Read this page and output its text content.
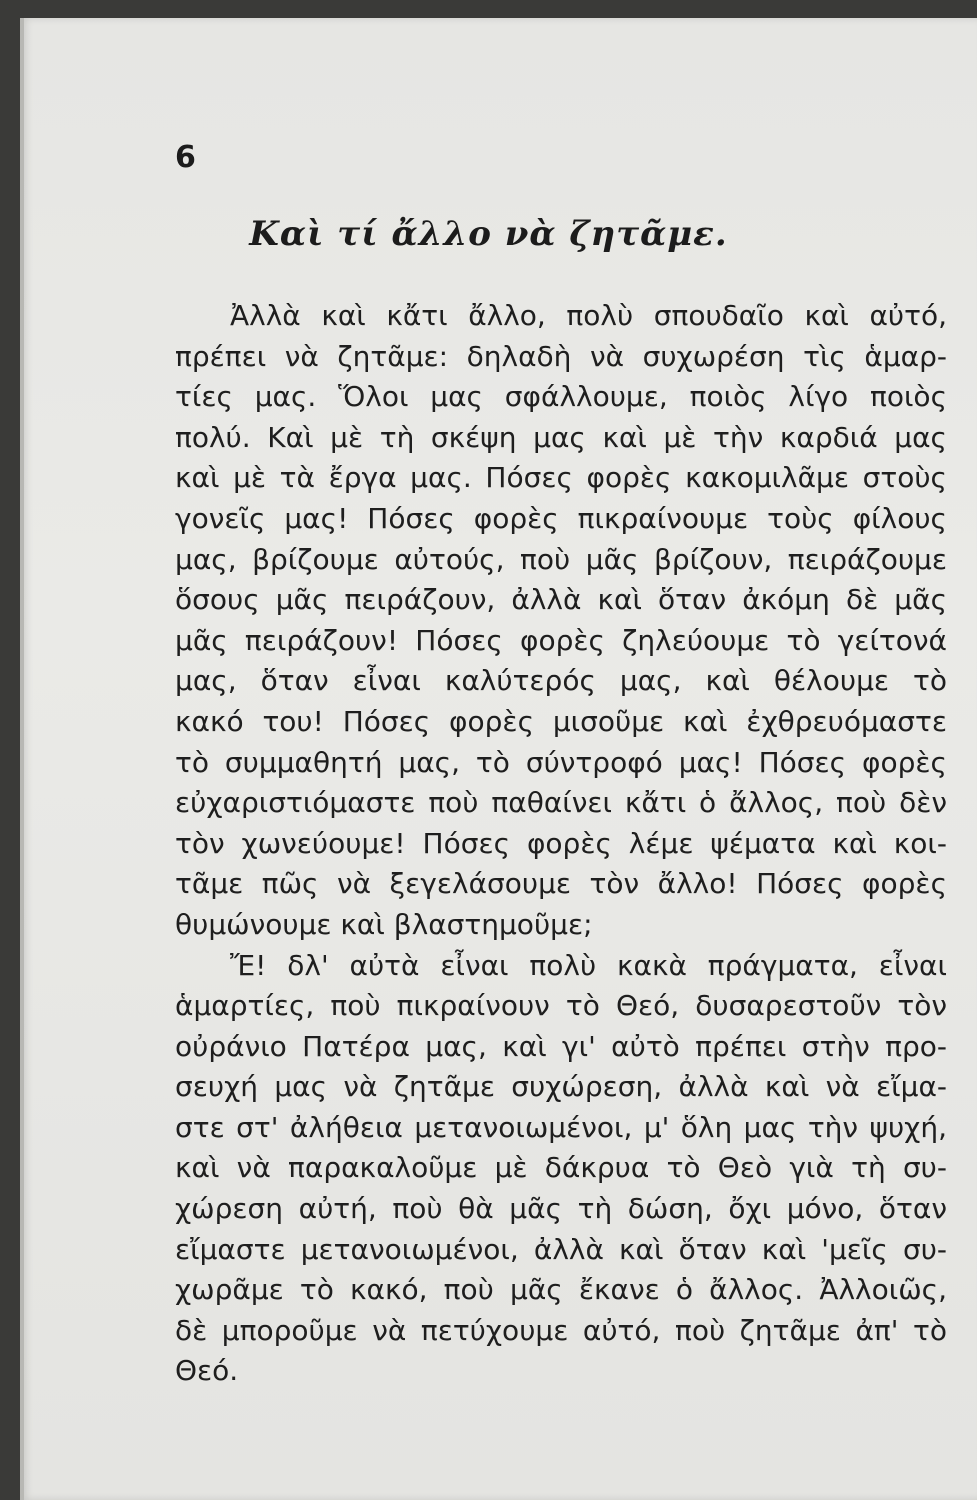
6
Καὶ τί ἄλλο νὰ ζητᾶμε.
Ἀλλὰ καὶ κἄτι ἄλλο, πολὺ σπουδαῖο καὶ αὐτό,
πρέπει νὰ ζητᾶμε: δηλαδὴ νὰ συχωρέση τὶς ἁμαρ-
τίες μας. Ὅλοι μας σφάλλουμε, ποιὸς λίγο ποιὸς
πολύ. Καὶ μὲ τὴ σκέψη μας καὶ μὲ τὴν καρδιά μας
καὶ μὲ τὰ ἔργα μας. Πόσες φορὲς κακομιλᾶμε στοὺς
γονεῖς μας! Πόσες φορὲς πικραίνουμε τοὺς φίλους
μας, βρίζουμε αὐτούς, ποὺ μᾶς βρίζουν, πειράζουμε
ὅσους μᾶς πειράζουν, ἀλλὰ καὶ ὅταν ἀκόμη δὲ μᾶς
μᾶς πειράζουν! Πόσες φορὲς ζηλεύουμε τὸ γείτονά
μας, ὅταν εἶναι καλύτερός μας, καὶ θέλουμε τὸ
κακό του! Πόσες φορὲς μισοῦμε καὶ ἐχθρευόμαστε
τὸ συμμαθητή μας, τὸ σύντροφό μας! Πόσες φορὲς
εὐχαριστιόμαστε ποὺ παθαίνει κἄτι ὁ ἄλλος, ποὺ δὲν
τὸν χωνεύουμε! Πόσες φορὲς λέμε ψέματα καὶ κοι-
τᾶμε πῶς νὰ ξεγελάσουμε τὸν ἄλλο! Πόσες φορὲς
θυμώνουμε καὶ βλαστημοῦμε;
Ἔ! δλ' αὐτὰ εἶναι πολὺ κακὰ πράγματα, εἶναι
ἁμαρτίες, ποὺ πικραίνουν τὸ Θεό, δυσαρεστοῦν τὸν
οὐράνιο Πατέρα μας, καὶ γι' αὐτὸ πρέπει στὴν προ-
σευχή μας νὰ ζητᾶμε συχώρεση, ἀλλὰ καὶ νὰ εἴμα-
στε στ' ἀλήθεια μετανοιωμένοι, μ' ὅλη μας τὴν ψυχή,
καὶ νὰ παρακαλοῦμε μὲ δάκρυα τὸ Θεὸ γιὰ τὴ συ-
χώρεση αὐτή, ποὺ θὰ μᾶς τὴ δώση, ὄχι μόνο, ὅταν
εἴμαστε μετανοιωμένοι, ἀλλὰ καὶ ὅταν καὶ 'μεῖς συ-
χωρᾶμε τὸ κακό, ποὺ μᾶς ἔκανε ὁ ἄλλος. Ἀλλοιῶς,
δὲ μποροῦμε νὰ πετύχουμε αὐτό, ποὺ ζητᾶμε ἀπ' τὸ
Θεό.
